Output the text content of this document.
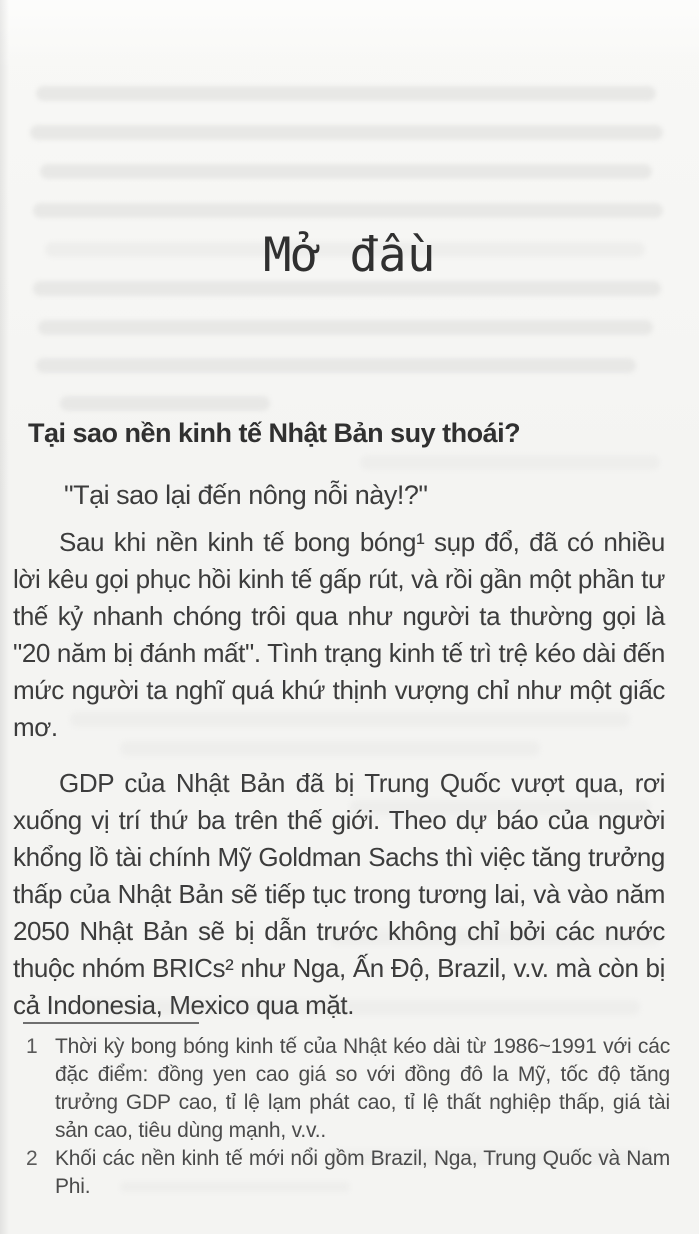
Mở đầu
Tại sao nền kinh tế Nhật Bản suy thoái?

"Tại sao lại đến nông nỗi này!?"

Sau khi nền kinh tế bong bóng¹ sụp đổ, đã có nhiều lời kêu gọi phục hồi kinh tế gấp rút, và rồi gần một phần tư thế kỷ nhanh chóng trôi qua như người ta thường gọi là "20 năm bị đánh mất". Tình trạng kinh tế trì trệ kéo dài đến mức người ta nghĩ quá khứ thịnh vượng chỉ như một giấc mơ.

GDP của Nhật Bản đã bị Trung Quốc vượt qua, rơi xuống vị trí thứ ba trên thế giới. Theo dự báo của người khổng lồ tài chính Mỹ Goldman Sachs thì việc tăng trưởng thấp của Nhật Bản sẽ tiếp tục trong tương lai, và vào năm 2050 Nhật Bản sẽ bị dẫn trước không chỉ bởi các nước thuộc nhóm BRICs² như Nga, Ấn Độ, Brazil, v.v. mà còn bị cả Indonesia, Mexico qua mặt.

1 Thời kỳ bong bóng kinh tế của Nhật kéo dài từ 1986~1991 với các đặc điểm: đồng yen cao giá so với đồng đô la Mỹ, tốc độ tăng trưởng GDP cao, tỉ lệ lạm phát cao, tỉ lệ thất nghiệp thấp, giá tài sản cao, tiêu dùng mạnh, v.v..
2 Khối các nền kinh tế mới nổi gồm Brazil, Nga, Trung Quốc và Nam Phi.
